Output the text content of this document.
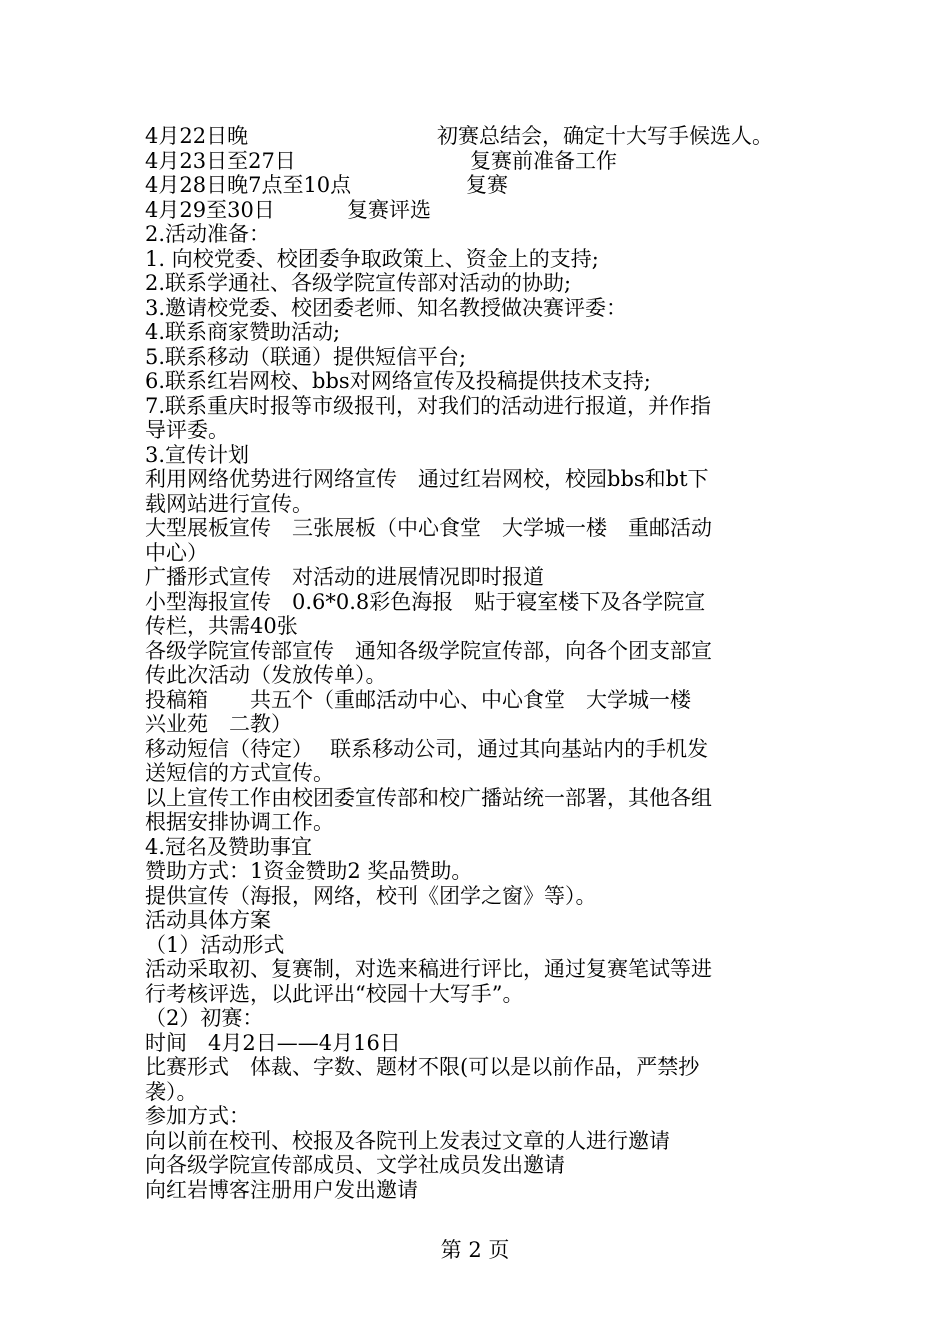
4月22日晚	初赛总结会，确定十大写手候选人。
4月23日至27日	复赛前准备工作
4月28日晚7点至10点	复赛
4月29至30日	复赛评选
2.活动准备：
1. 向校党委、校团委争取政策上、资金上的支持;
2.联系学通社、各级学院宣传部对活动的协助;
3.邀请校党委、校团委老师、知名教授做决赛评委：
4.联系商家赞助活动;
5.联系移动（联通）提供短信平台;
6.联系红岩网校、bbs对网络宣传及投稿提供技术支持;
7.联系重庆时报等市级报刊，对我们的活动进行报道，并作指
导评委。
3.宣传计划
利用网络优势进行网络宣传　通过红岩网校，校园bbs和bt下
载网站进行宣传。
大型展板宣传　三张展板（中心食堂　大学城一楼　重邮活动
中心）
广播形式宣传　对活动的进展情况即时报道
小型海报宣传　0.6*0.8彩色海报　贴于寝室楼下及各学院宣
传栏，共需40张
各级学院宣传部宣传　通知各级学院宣传部，向各个团支部宣
传此次活动（发放传单）。
投稿箱　　共五个（重邮活动中心、中心食堂　大学城一楼
兴业苑　二教）
移动短信（待定）　 联系移动公司，通过其向基站内的手机发
送短信的方式宣传。
以上宣传工作由校团委宣传部和校广播站统一部署，其他各组
根据安排协调工作。
4.冠名及赞助事宜
赞助方式：1资金赞助2 奖品赞助。
提供宣传（海报，网络，校刊《团学之窗》等）。
活动具体方案
（1）活动形式
活动采取初、复赛制，对选来稿进行评比，通过复赛笔试等进
行考核评选，以此评出“校园十大写手”。
（2）初赛：
时间　4月2日——4月16日
比赛形式　体裁、字数、题材不限(可以是以前作品，严禁抄
袭）。
参加方式：
向以前在校刊、校报及各院刊上发表过文章的人进行邀请
向各级学院宣传部成员、文学社成员发出邀请
向红岩博客注册用户发出邀请
第 2 页
